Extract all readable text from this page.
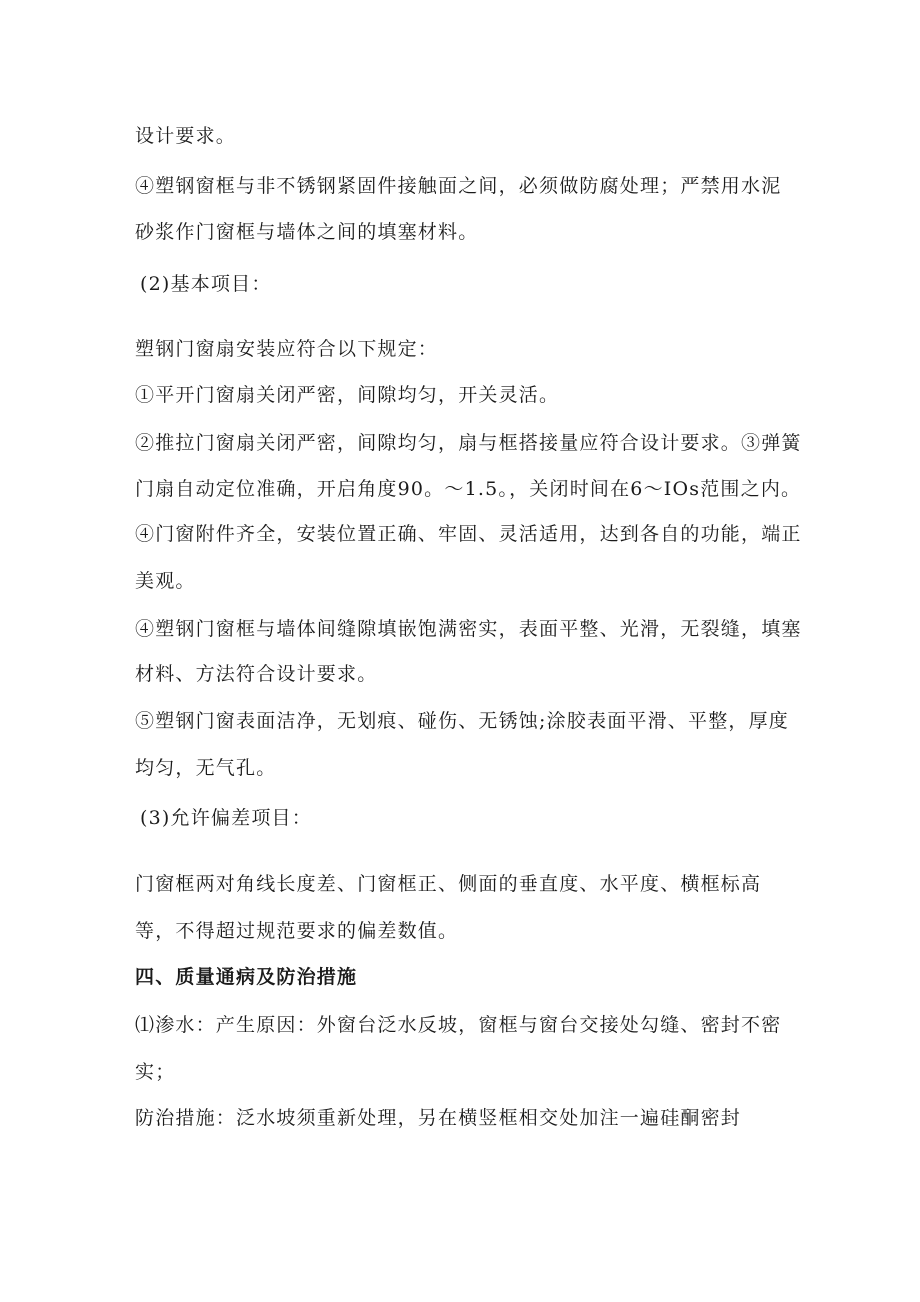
设计要求。
④塑钢窗框与非不锈钢紧固件接触面之间，必须做防腐处理；严禁用水泥
砂浆作门窗框与墙体之间的填塞材料。
(2)基本项目：
塑钢门窗扇安装应符合以下规定：
①平开门窗扇关闭严密，间隙均匀，开关灵活。
②推拉门窗扇关闭严密，间隙均匀，扇与框搭接量应符合设计要求。③弹簧
门扇自动定位准确，开启角度90。～1.5。，关闭时间在6～IOs范围之内。
④门窗附件齐全，安装位置正确、牢固、灵活适用，达到各自的功能，端正
美观。
④塑钢门窗框与墙体间缝隙填嵌饱满密实，表面平整、光滑，无裂缝，填塞
材料、方法符合设计要求。
⑤塑钢门窗表面洁净，无划痕、碰伤、无锈蚀;涂胶表面平滑、平整，厚度
均匀，无气孔。
(3)允许偏差项目：
门窗框两对角线长度差、门窗框正、侧面的垂直度、水平度、横框标高
等，不得超过规范要求的偏差数值。
四、质量通病及防治措施
⑴渗水：产生原因：外窗台泛水反坡，窗框与窗台交接处勾缝、密封不密
实；
防治措施：泛水坡须重新处理，另在横竖框相交处加注一遍硅酮密封
